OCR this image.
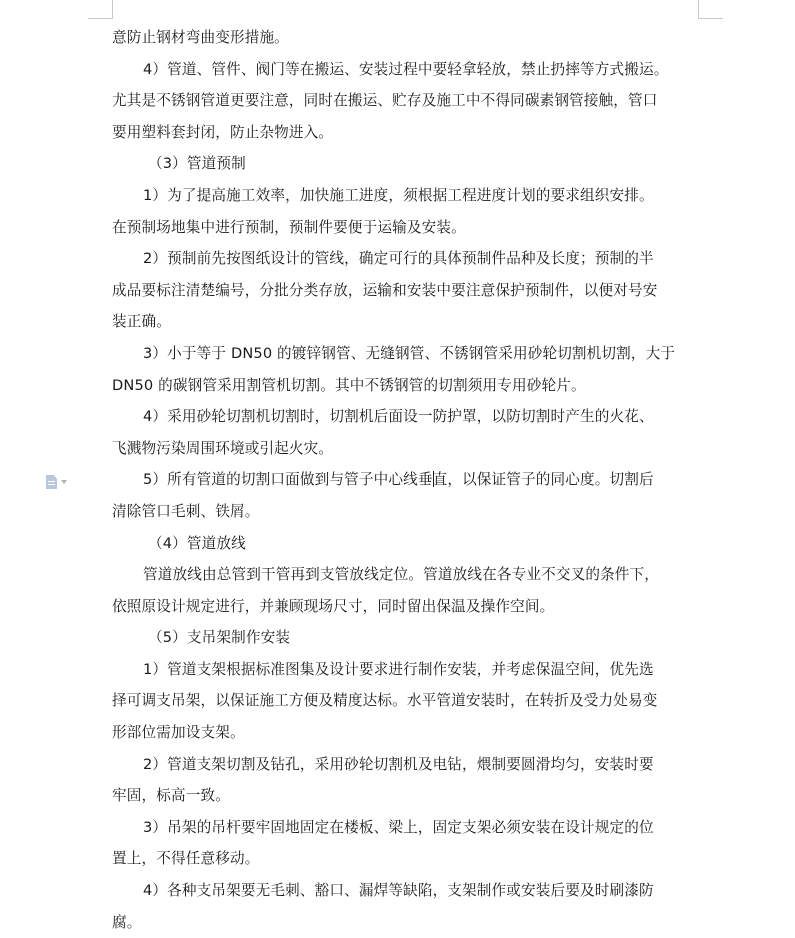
意防止钢材弯曲变形措施。
4）管道、管件、阀门等在搬运、安装过程中要轻拿轻放，禁止扔摔等方式搬运。
尤其是不锈钢管道更要注意，同时在搬运、贮存及施工中不得同碳素钢管接触，管口
要用塑料套封闭，防止杂物进入。
（3）管道预制
1）为了提高施工效率，加快施工进度，须根据工程进度计划的要求组织安排。
在预制场地集中进行预制，预制件要便于运输及安装。
2）预制前先按图纸设计的管线，确定可行的具体预制件品种及长度；预制的半
成品要标注清楚编号，分批分类存放，运输和安装中要注意保护预制件，以便对号安
装正确。
3）小于等于 DN50 的镀锌钢管、无缝钢管、不锈钢管采用砂轮切割机切割，大于
DN50 的碳钢管采用割管机切割。其中不锈钢管的切割须用专用砂轮片。
4）采用砂轮切割机切割时，切割机后面设一防护罩，以防切割时产生的火花、
飞溅物污染周围环境或引起火灾。
5）所有管道的切割口面做到与管子中心线垂直，以保证管子的同心度。切割后
清除管口毛刺、铁屑。
（4）管道放线
管道放线由总管到干管再到支管放线定位。管道放线在各专业不交叉的条件下，
依照原设计规定进行，并兼顾现场尺寸，同时留出保温及操作空间。
（5）支吊架制作安装
1）管道支架根据标准图集及设计要求进行制作安装，并考虑保温空间，优先选
择可调支吊架，以保证施工方便及精度达标。水平管道安装时，在转折及受力处易变
形部位需加设支架。
2）管道支架切割及钻孔，采用砂轮切割机及电钻，煨制要圆滑均匀，安装时要
牢固，标高一致。
3）吊架的吊杆要牢固地固定在楼板、梁上，固定支架必须安装在设计规定的位
置上，不得任意移动。
4）各种支吊架要无毛刺、豁口、漏焊等缺陷，支架制作或安装后要及时刷漆防
腐。
